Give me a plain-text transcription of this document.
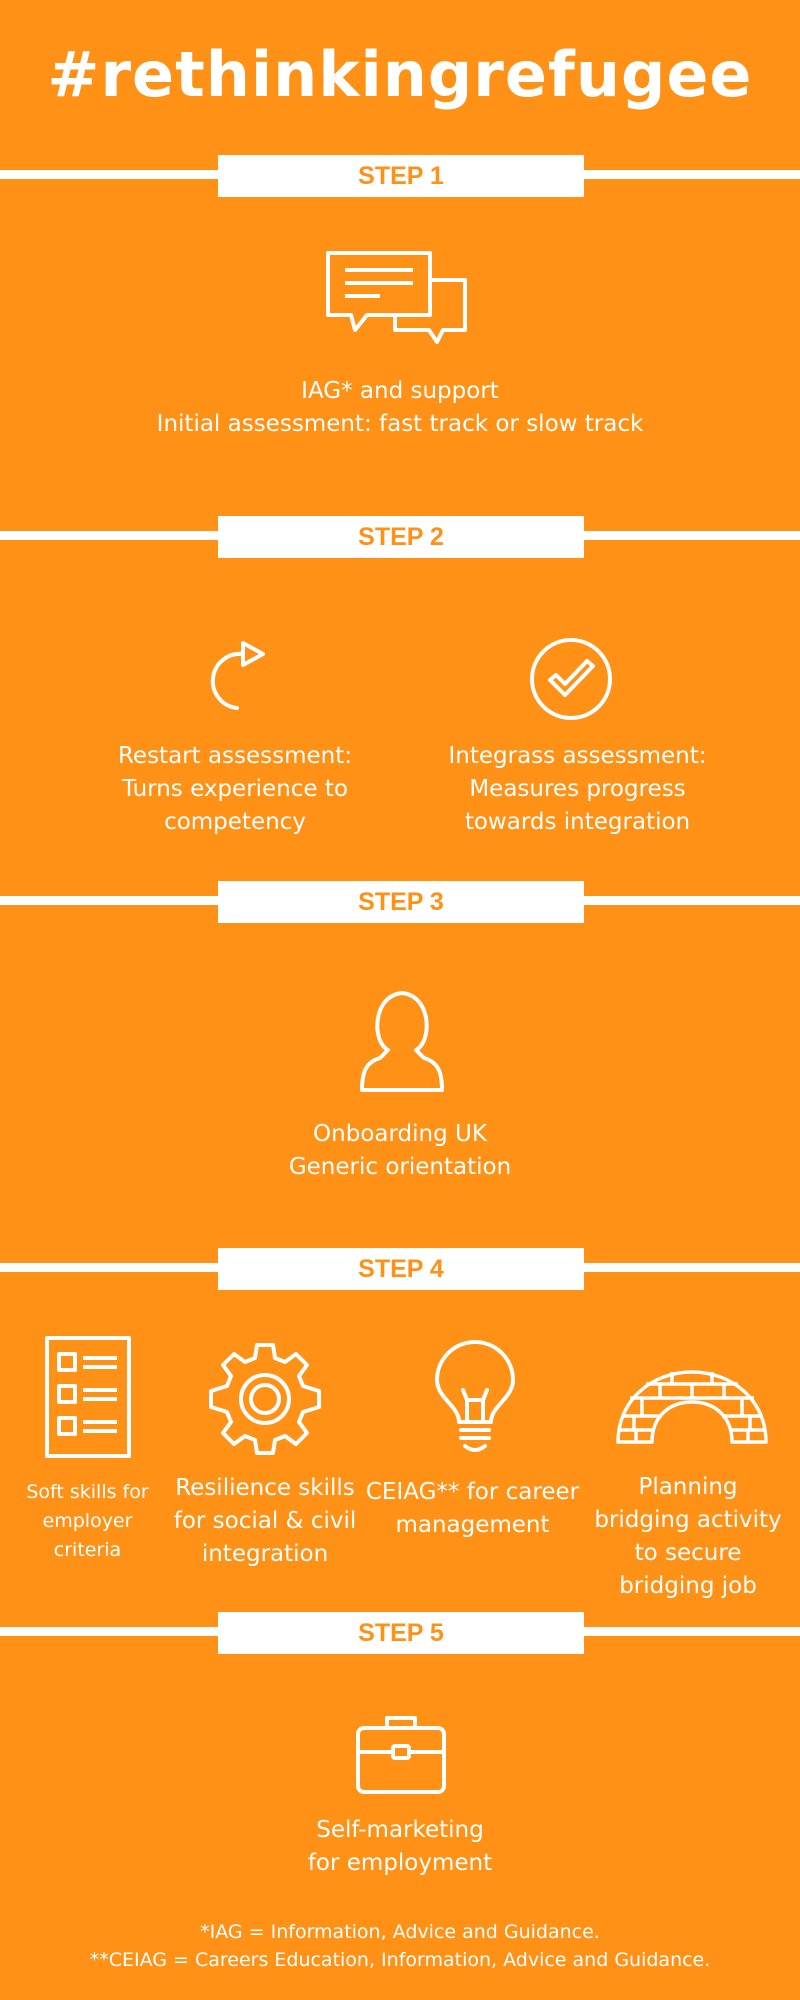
#rethinkingrefugee
STEP 1
IAG* and support
Initial assessment: fast track or slow track
STEP 2
Restart assessment:
Turns experience to
competency
Integrass assessment:
Measures progress
towards integration
STEP 3
Onboarding UK
Generic orientation
STEP 4
Soft skills for
employer
criteria
Resilience skills
for social & civil
integration
CEIAG** for career
management
Planning
bridging activity
to secure
bridging job
STEP 5
Self-marketing
for employment
*IAG = Information, Advice and Guidance.
**CEIAG = Careers Education, Information, Advice and Guidance.
